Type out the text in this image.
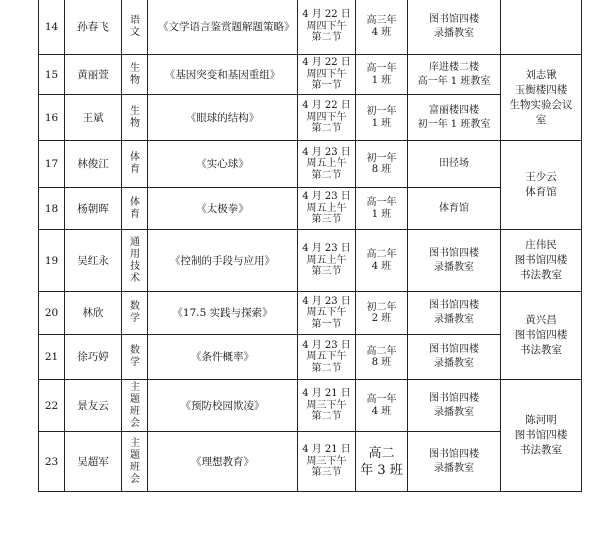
14	孙春飞	语
文	《文学语言鉴赏题解题策略》	4 月 22 日
周四下午
第二节	高三年
4 班	图书馆四楼
录播教室	

15	黄丽萱	生
物	《基因突变和基因重组》	4 月 22 日
周四下午
第一节	高一年
1 班	庠进楼二楼
高一年 1 班教室	刘志锹
玉衡楼四楼
生物实验会议
室

16	王斌	生
物	《眼球的结构》	4 月 22 日
周四下午
第二节	初一年
1 班	富丽楼四楼
初一年 1 班教室	

17	林俊江	体
育	《实心球》	4 月 23 日
周五上午
第二节	初一年
8 班	田径场	王少云
体育馆

18	杨朝晖	体
育	《太极拳》	4 月 23 日
周五上午
第三节	高一年
1 班	体育馆	

19	吴红永	通
用
技
术	《控制的手段与应用》	4 月 23 日
周五上午
第三节	高二年
4 班	图书馆四楼
录播教室	庄伟民
图书馆四楼
书法教室

20	林欣	数
学	《17.5 实践与探索》	4 月 23 日
周五下午
第一节	初二年
2 班	图书馆四楼
录播教室	黄兴昌
图书馆四楼
书法教室

21	徐巧婷	数
学	《条件概率》	4 月 23 日
周五下午
第二节	高二年
8 班	图书馆四楼
录播教室	

22	景友云	主
题
班
会	《预防校园欺凌》	4 月 21 日
周三下午
第二节	高一年
4 班	图书馆四楼
录播教室	陈河明
图书馆四楼
书法教室

23	吴超军	主
题
班
会	《理想教育》	4 月 21 日
周三下午
第三节	高二
年 3 班	图书馆四楼
录播教室	
